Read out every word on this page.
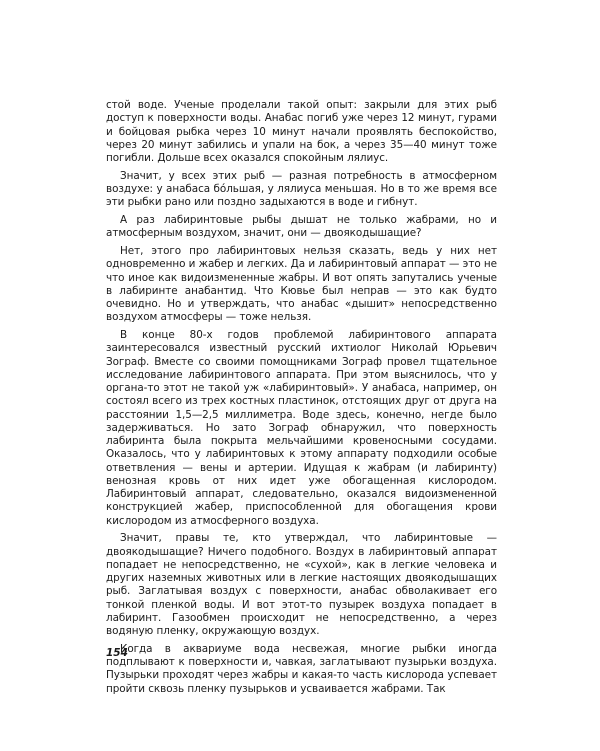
стой воде. Ученые проделали такой опыт: закрыли для этих рыб доступ к поверхности воды. Анабас погиб уже через 12 минут, гурами и бойцовая рыбка через 10 минут начали проявлять беспокойство, через 20 минут забились и упали на бок, а через 35—40 минут тоже погибли. Дольше всех оказался спокойным лялиус.

Значит, у всех этих рыб — разная потребность в атмосферном воздухе: у анабаса бóльшая, у лялиуса меньшая. Но в то же время все эти рыбки рано или поздно задыхаются в воде и гибнут.

А раз лабиринтовые рыбы дышат не только жабрами, но и атмосферным воздухом, значит, они — двоякодышащие?

Нет, этого про лабиринтовых нельзя сказать, ведь у них нет одновременно и жабер и легких. Да и лабиринтовый аппарат — это не что иное как видоизмененные жабры. И вот опять запутались ученые в лабиринте анабантид. Что Кювье был неправ — это как будто очевидно. Но и утверждать, что анабас «дышит» непосредственно воздухом атмосферы — тоже нельзя.

В конце 80-х годов проблемой лабиринтового аппарата заинтересовался известный русский ихтиолог Николай Юрьевич Зограф. Вместе со своими помощниками Зограф провел тщательное исследование лабиринтового аппарата. При этом выяснилось, что у органа-то этот не такой уж «лабиринтовый». У анабаса, например, он состоял всего из трех костных пластинок, отстоящих друг от друга на расстоянии 1,5—2,5 миллиметра. Воде здесь, конечно, негде было задерживаться. Но зато Зограф обнаружил, что поверхность лабиринта была покрыта мельчайшими кровеносными сосудами. Оказалось, что у лабиринтовых к этому аппарату подходили особые ответвления — вены и артерии. Идущая к жабрам (и лабиринту) венозная кровь от них идет уже обогащенная кислородом. Лабиринтовый аппарат, следовательно, оказался видоизмененной конструкцией жабер, приспособленной для обогащения крови кислородом из атмосферного воздуха.

Значит, правы те, кто утверждал, что лабиринтовые — двоякодышащие? Ничего подобного. Воздух в лабиринтовый аппарат попадает не непосредственно, не «сухой», как в легкие человека и других наземных животных или в легкие настоящих двоякодышащих рыб. Заглатывая воздух с поверхности, анабас обволакивает его тонкой пленкой воды. И вот этот-то пузырек воздуха попадает в лабиринт. Газообмен происходит не непосредственно, а через водяную пленку, окружающую воздух.

Когда в аквариуме вода несвежая, многие рыбки иногда подплывают к поверхности и, чавкая, заглатывают пузырьки воздуха. Пузырьки проходят через жабры и какая-то часть кислорода успевает пройти сквозь пленку пузырьков и усваивается жабрами. Так

154
